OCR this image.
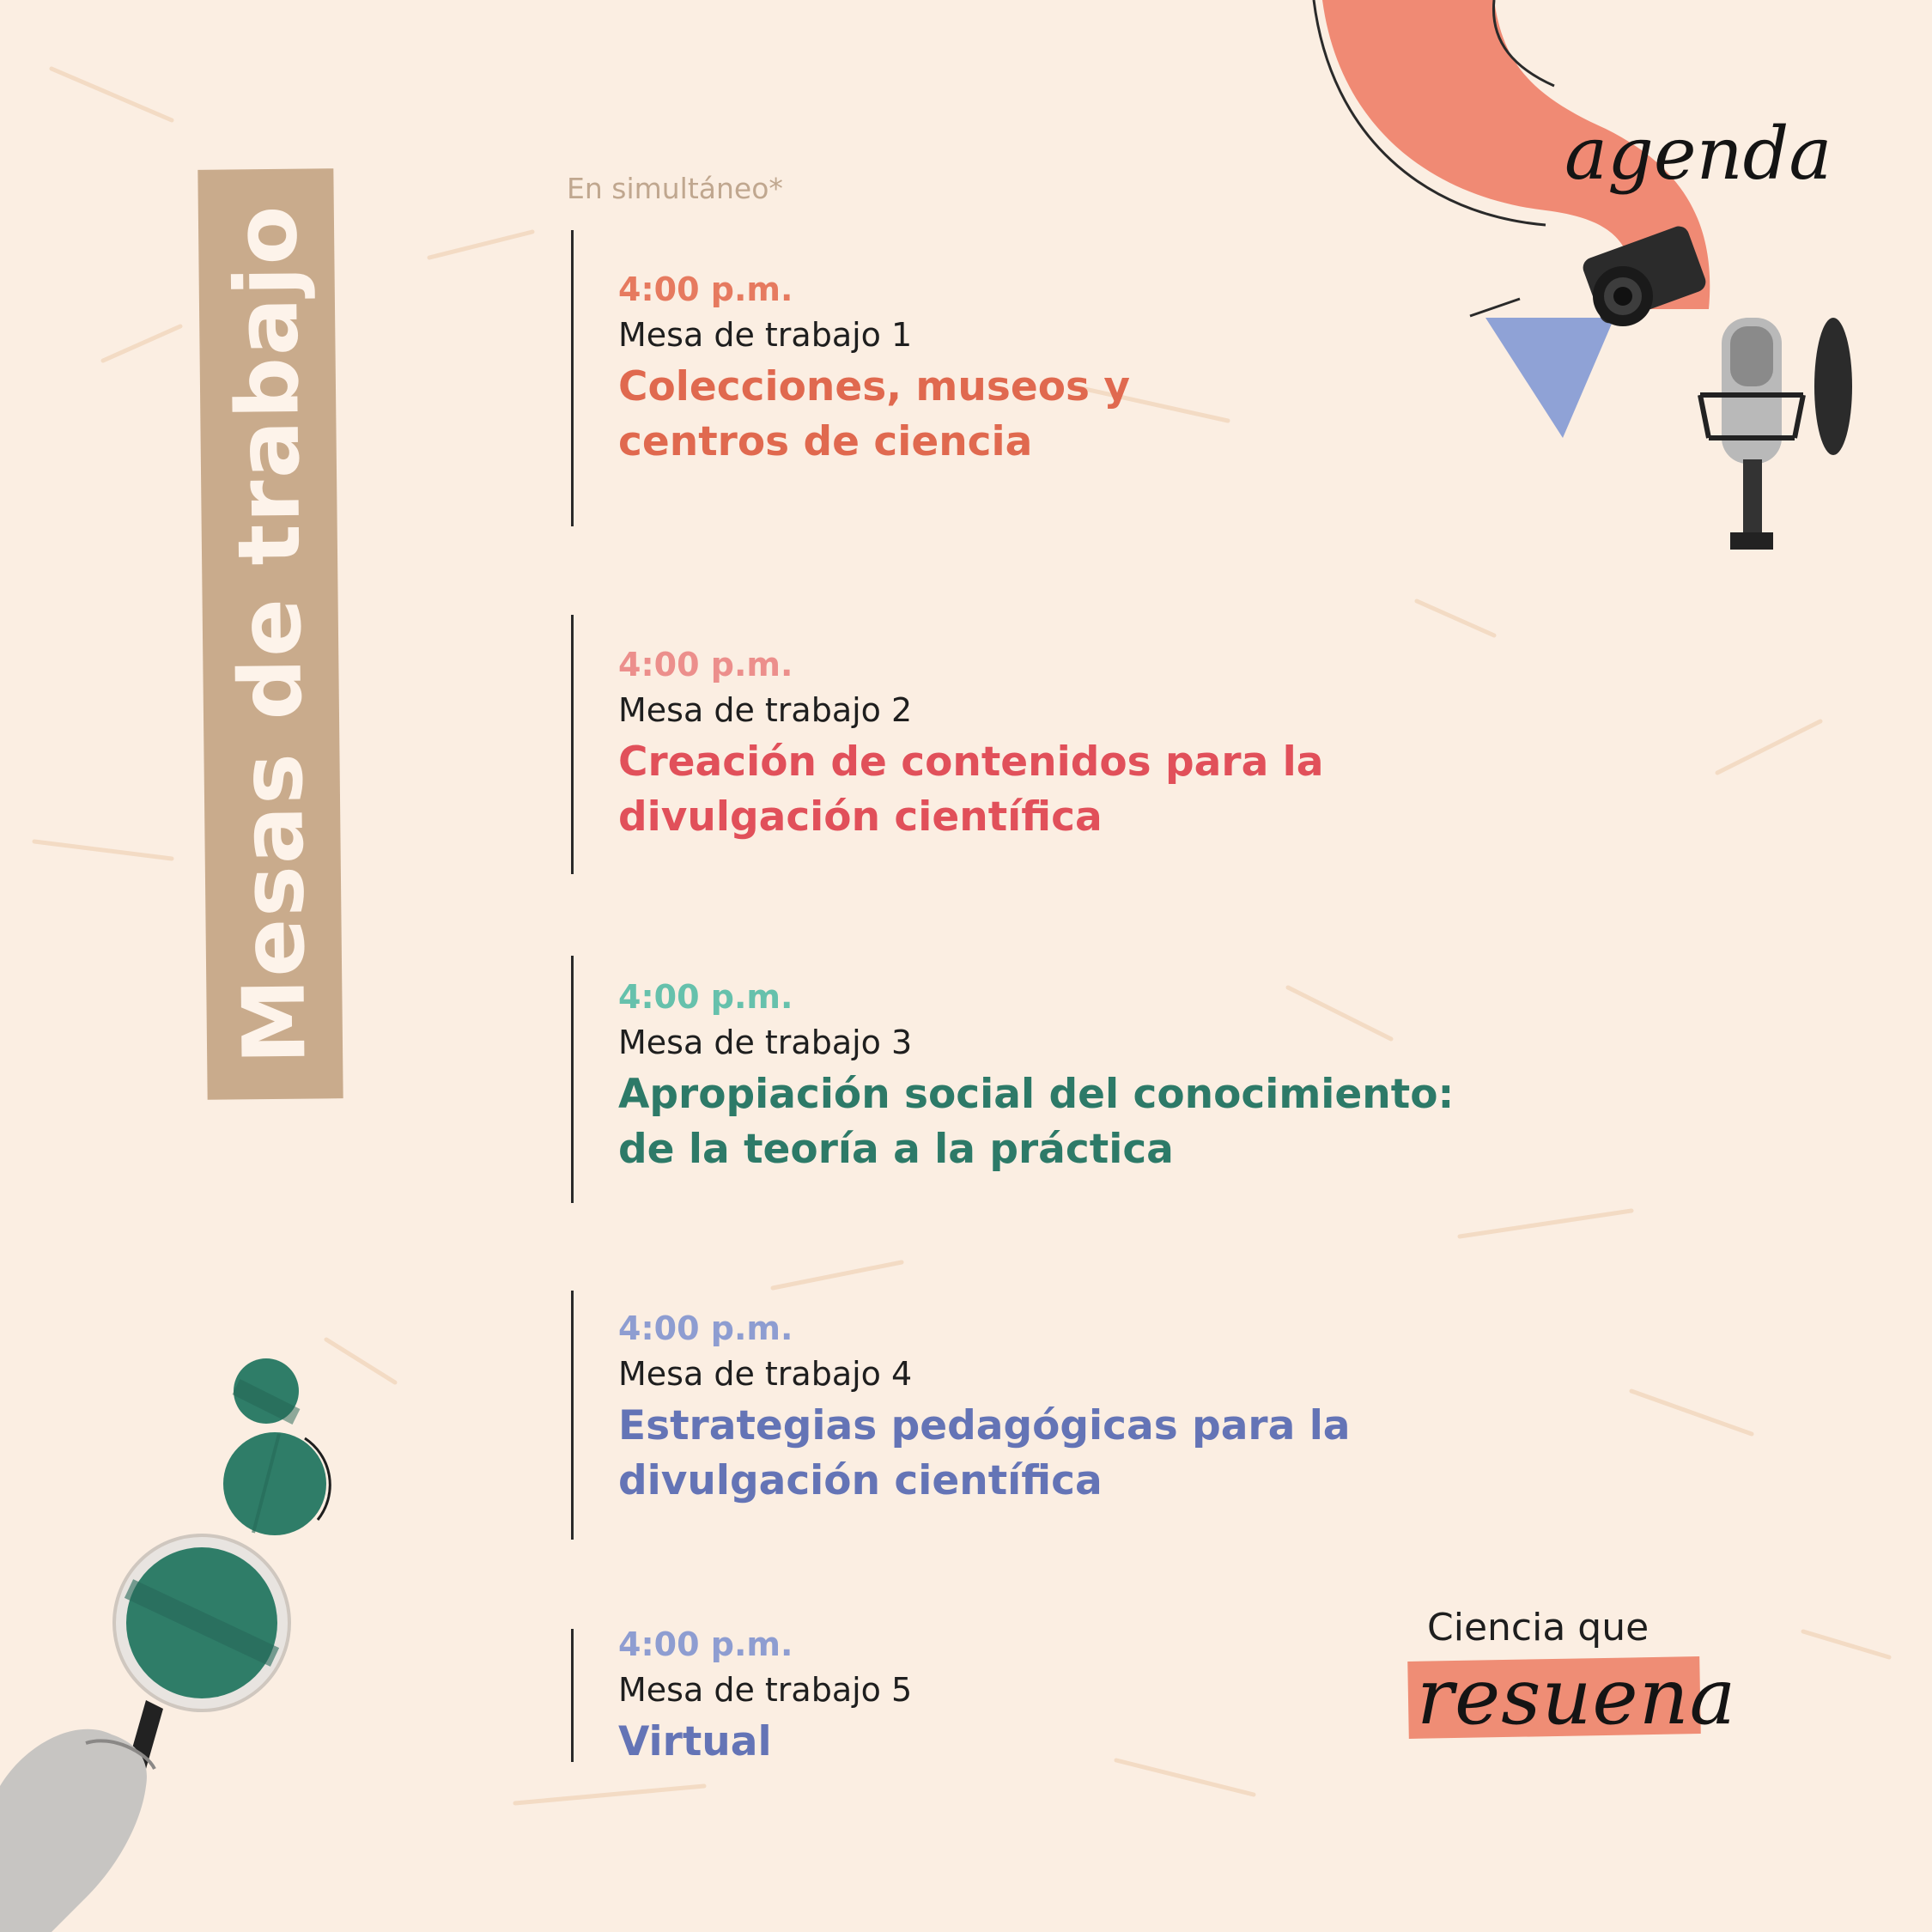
agenda
Mesas de trabajo
En simultáneo*
4:00 p.m.
Mesa de trabajo 1
Colecciones, museos y
centros de ciencia
4:00 p.m.
Mesa de trabajo 2
Creación de contenidos para la
divulgación científica
4:00 p.m.
Mesa de trabajo 3
Apropiación social del conocimiento:
de la teoría a la práctica
4:00 p.m.
Mesa de trabajo 4
Estrategias pedagógicas para la
divulgación científica
4:00 p.m.
Mesa de trabajo 5
Virtual
Ciencia que
resuena
